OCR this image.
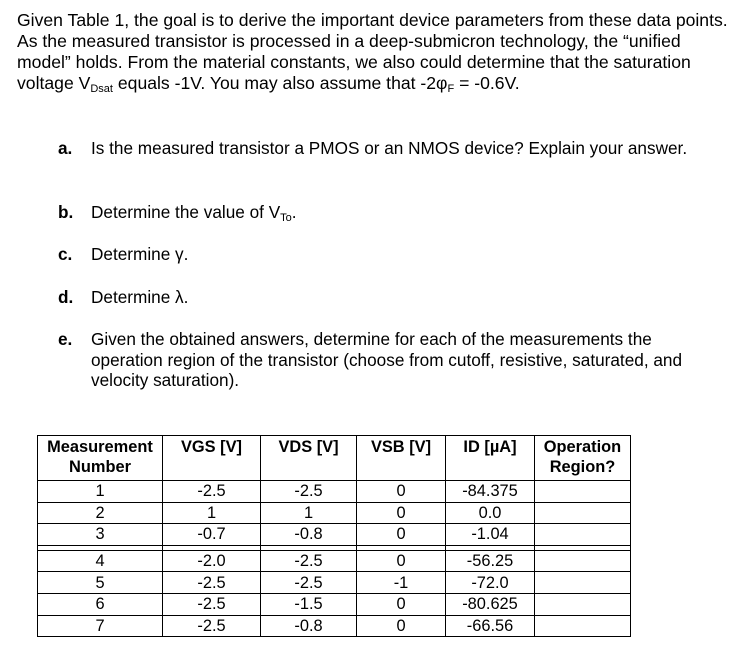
Given Table 1, the goal is to derive the important device parameters from these data points. As the measured transistor is processed in a deep-submicron technology, the “unified model” holds. From the material constants, we also could determine that the saturation voltage $V_{Dsat}$ equals -1V. You may also assume that $-2\varphi_F = -0.6V$.
a. Is the measured transistor a PMOS or an NMOS device? Explain your answer.
b. Determine the value of $V_{To}$.
c. Determine γ.
d. Determine λ.
e. Given the obtained answers, determine for each of the measurements the operation region of the transistor (choose from cutoff, resistive, saturated, and velocity saturation).
Measurement Number	VGS [V]	VDS [V]	VSB [V]	ID [µA]	Operation Region?
1	-2.5	-2.5	0	-84.375	
2	1	1	0	0.0	
3	-0.7	-0.8	0	-1.04	

4	-2.0	-2.5	0	-56.25	
5	-2.5	-2.5	-1	-72.0	
6	-2.5	-1.5	0	-80.625	
7	-2.5	-0.8	0	-66.56	
